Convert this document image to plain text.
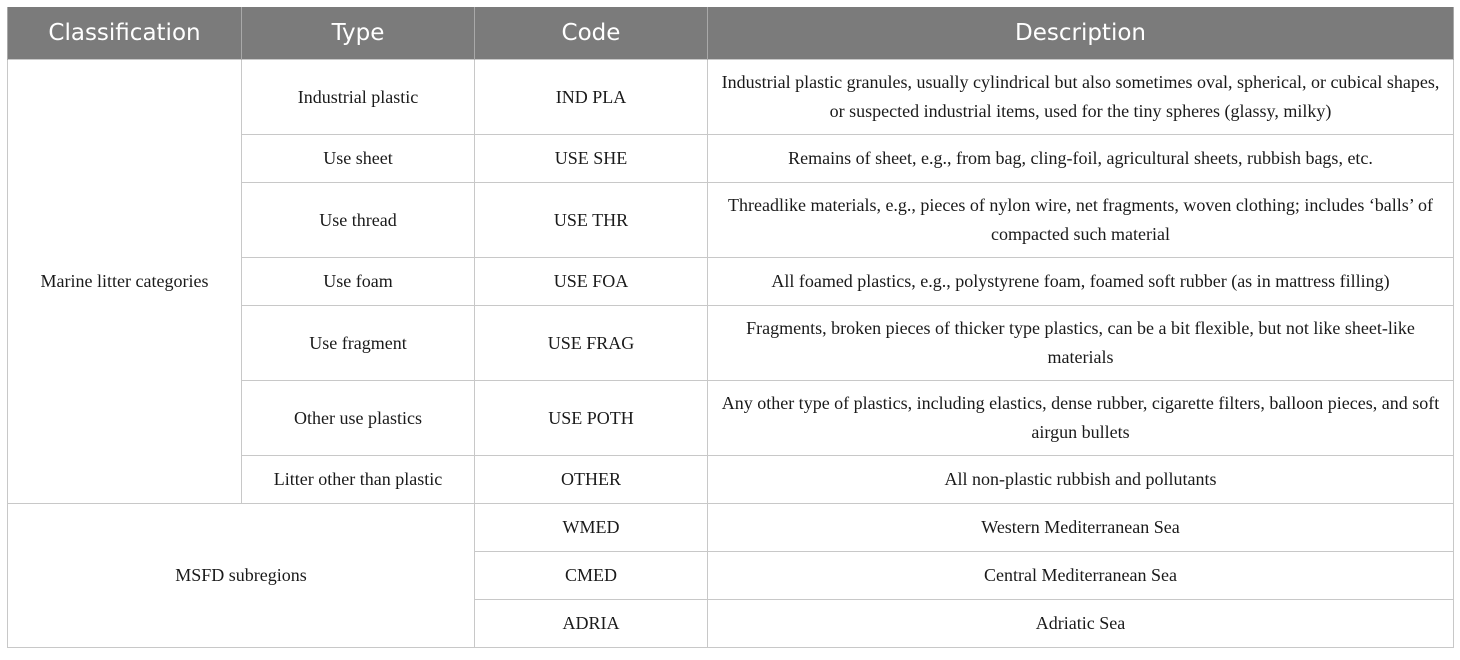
Classification	Type	Code	Description
Marine litter categories	Industrial plastic	IND PLA	Industrial plastic granules, usually cylindrical but also sometimes oval, spherical, or cubical shapes, or suspected industrial items, used for the tiny spheres (glassy, milky)
	Use sheet	USE SHE	Remains of sheet, e.g., from bag, cling-foil, agricultural sheets, rubbish bags, etc.
	Use thread	USE THR	Threadlike materials, e.g., pieces of nylon wire, net fragments, woven clothing; includes ‘balls’ of compacted such material
	Use foam	USE FOA	All foamed plastics, e.g., polystyrene foam, foamed soft rubber (as in mattress filling)
	Use fragment	USE FRAG	Fragments, broken pieces of thicker type plastics, can be a bit flexible, but not like sheet-like materials
	Other use plastics	USE POTH	Any other type of plastics, including elastics, dense rubber, cigarette filters, balloon pieces, and soft airgun bullets
	Litter other than plastic	OTHER	All non-plastic rubbish and pollutants
MSFD subregions		WMED	Western Mediterranean Sea
		CMED	Central Mediterranean Sea
		ADRIA	Adriatic Sea
